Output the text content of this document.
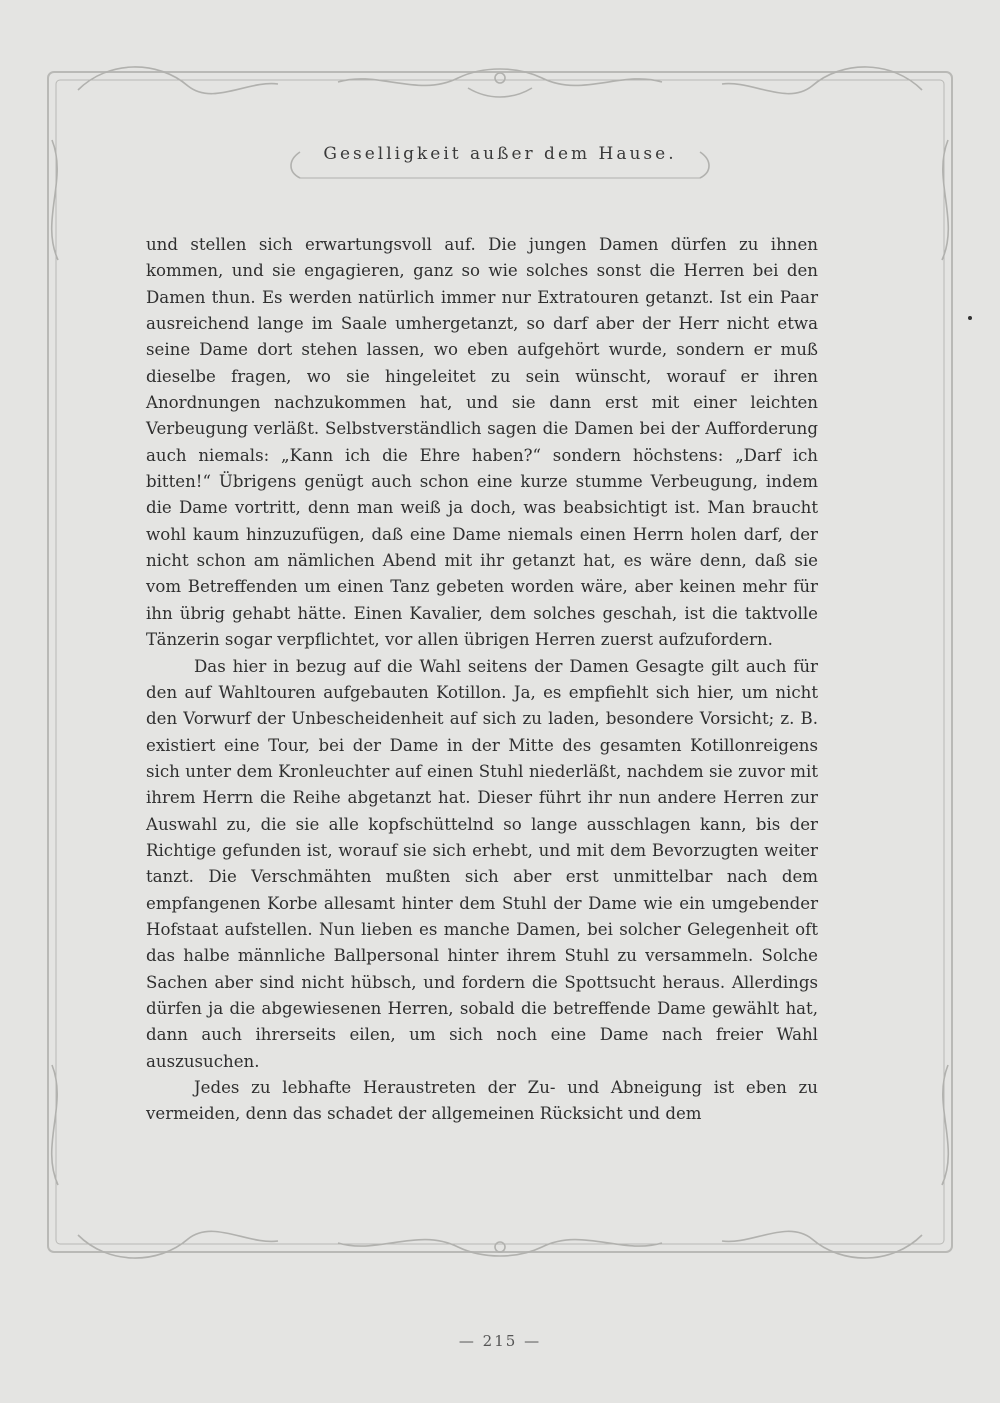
Geselligkeit außer dem Hause.

und stellen sich erwartungsvoll auf. Die jungen Damen dürfen zu ihnen kommen, und sie engagieren, ganz so wie solches sonst die Herren bei den Damen thun. Es werden natürlich immer nur Extratouren getanzt. Ist ein Paar ausreichend lange im Saale umhergetanzt, so darf aber der Herr nicht etwa seine Dame dort stehen lassen, wo eben aufgehört wurde, sondern er muß dieselbe fragen, wo sie hingeleitet zu sein wünscht, worauf er ihren Anordnungen nachzukommen hat, und sie dann erst mit einer leichten Verbeugung verläßt. Selbstverständlich sagen die Damen bei der Aufforderung auch niemals: „Kann ich die Ehre haben?“ sondern höchstens: „Darf ich bitten!“ Übrigens genügt auch schon eine kurze stumme Verbeugung, indem die Dame vortritt, denn man weiß ja doch, was beabsichtigt ist. Man braucht wohl kaum hinzuzufügen, daß eine Dame niemals einen Herrn holen darf, der nicht schon am nämlichen Abend mit ihr getanzt hat, es wäre denn, daß sie vom Betreffenden um einen Tanz gebeten worden wäre, aber keinen mehr für ihn übrig gehabt hätte. Einen Kavalier, dem solches geschah, ist die taktvolle Tänzerin sogar verpflichtet, vor allen übrigen Herren zuerst aufzufordern.

Das hier in bezug auf die Wahl seitens der Damen Gesagte gilt auch für den auf Wahltouren aufgebauten Kotillon. Ja, es empfiehlt sich hier, um nicht den Vorwurf der Unbescheidenheit auf sich zu laden, besondere Vorsicht; z. B. existiert eine Tour, bei der Dame in der Mitte des gesamten Kotillonreigens sich unter dem Kronleuchter auf einen Stuhl niederläßt, nachdem sie zuvor mit ihrem Herrn die Reihe abgetanzt hat. Dieser führt ihr nun andere Herren zur Auswahl zu, die sie alle kopfschüttelnd so lange ausschlagen kann, bis der Richtige gefunden ist, worauf sie sich erhebt, und mit dem Bevorzugten weiter tanzt. Die Verschmähten mußten sich aber erst unmittelbar nach dem empfangenen Korbe allesamt hinter dem Stuhl der Dame wie ein umgebender Hofstaat aufstellen. Nun lieben es manche Damen, bei solcher Gelegenheit oft das halbe männliche Ballpersonal hinter ihrem Stuhl zu versammeln. Solche Sachen aber sind nicht hübsch, und fordern die Spottsucht heraus. Allerdings dürfen ja die abgewiesenen Herren, sobald die betreffende Dame gewählt hat, dann auch ihrerseits eilen, um sich noch eine Dame nach freier Wahl auszusuchen.

Jedes zu lebhafte Heraustreten der Zu- und Abneigung ist eben zu vermeiden, denn das schadet der allgemeinen Rücksicht und dem

— 215 —
